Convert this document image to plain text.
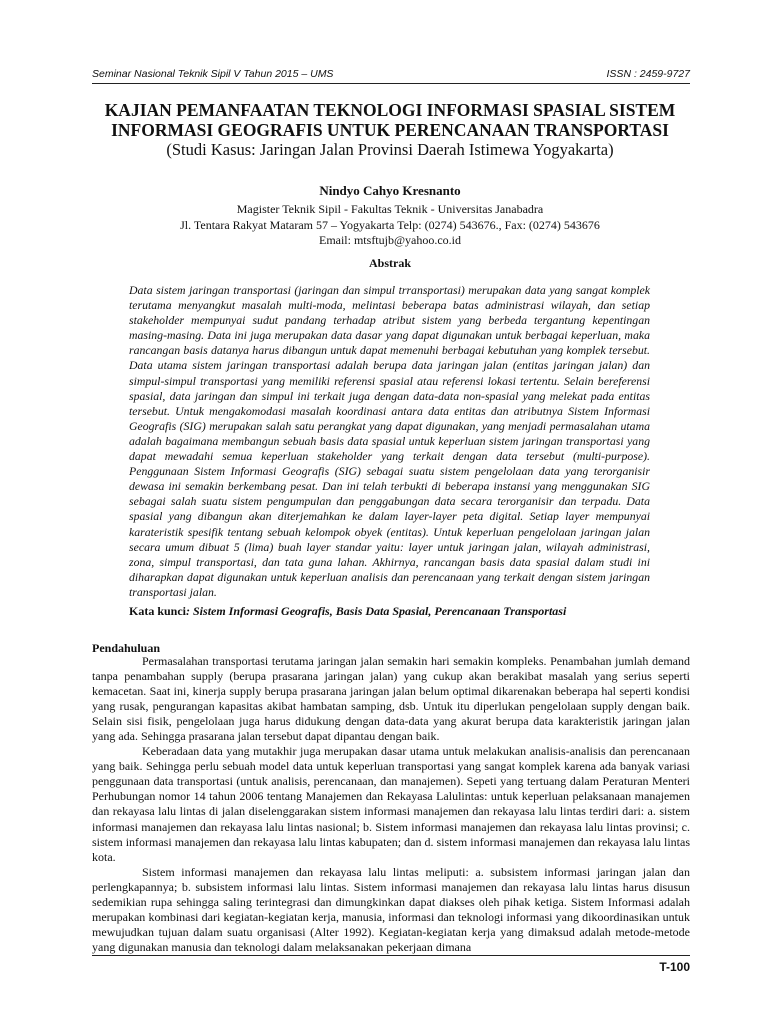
Seminar Nasional Teknik Sipil V Tahun 2015 – UMS	ISSN : 2459-9727

KAJIAN PEMANFAATAN TEKNOLOGI INFORMASI SPASIAL SISTEM

INFORMASI GEOGRAFIS UNTUK PERENCANAAN TRANSPORTASI

(Studi Kasus: Jaringan Jalan Provinsi Daerah Istimewa Yogyakarta)

Nindyo Cahyo Kresnanto

Magister Teknik Sipil - Fakultas Teknik - Universitas Janabadra

Jl. Tentara Rakyat Mataram 57 – Yogyakarta Telp: (0274) 543676., Fax: (0274) 543676

Email: mtsftujb@yahoo.co.id

Abstrak

Data sistem jaringan transportasi (jaringan dan simpul trransportasi) merupakan data yang sangat komplek terutama menyangkut masalah multi-moda, melintasi beberapa batas administrasi wilayah, dan setiap stakeholder mempunyai sudut pandang terhadap atribut sistem yang berbeda tergantung kepentingan masing-masing. Data ini juga merupakan data dasar yang dapat digunakan untuk berbagai keperluan, maka rancangan basis datanya harus dibangun untuk dapat memenuhi berbagai kebutuhan yang komplek tersebut. Data utama sistem jaringan transportasi adalah berupa data jaringan jalan (entitas jaringan jalan) dan simpul-simpul transportasi yang memiliki referensi spasial atau referensi lokasi tertentu. Selain bereferensi spasial, data jaringan dan simpul ini terkait juga dengan data-data non-spasial yang melekat pada entitas tersebut. Untuk mengakomodasi masalah koordinasi antara data entitas dan atributnya Sistem Informasi Geografis (SIG) merupakan salah satu perangkat yang dapat digunakan, yang menjadi permasalahan utama adalah bagaimana membangun sebuah basis data spasial untuk keperluan sistem jaringan transportasi yang dapat mewadahi semua keperluan stakeholder yang terkait dengan data tersebut (multi-purpose). Penggunaan Sistem Informasi Geografis (SIG) sebagai suatu sistem pengelolaan data yang terorganisir dewasa ini semakin berkembang pesat. Dan ini telah terbukti di beberapa instansi yang menggunakan SIG sebagai salah suatu sistem pengumpulan dan penggabungan data secara terorganisir dan terpadu. Data spasial yang dibangun akan diterjemahkan ke dalam layer-layer peta digital. Setiap layer mempunyai karateristik spesifik tentang sebuah kelompok obyek (entitas). Untuk keperluan pengelolaan jaringan jalan secara umum dibuat 5 (lima) buah layer standar yaitu: layer untuk jaringan jalan, wilayah administrasi, zona, simpul transportasi, dan tata guna lahan. Akhirnya, rancangan basis data spasial dalam studi ini diharapkan dapat digunakan untuk keperluan analisis dan perencanaan yang terkait dengan sistem jaringan transportasi jalan.

Kata kunci: Sistem Informasi Geografis, Basis Data Spasial, Perencanaan Transportasi

Pendahuluan

Permasalahan transportasi terutama jaringan jalan semakin hari semakin kompleks. Penambahan jumlah demand tanpa penambahan supply (berupa prasarana jaringan jalan) yang cukup akan berakibat masalah yang serius seperti kemacetan. Saat ini, kinerja supply berupa prasarana jaringan jalan belum optimal dikarenakan beberapa hal seperti kondisi yang rusak, pengurangan kapasitas akibat hambatan samping, dsb. Untuk itu diperlukan pengelolaan supply dengan baik. Selain sisi fisik, pengelolaan juga harus didukung dengan data-data yang akurat berupa data karakteristik jaringan jalan yang ada. Sehingga prasarana jalan tersebut dapat dipantau dengan baik.

Keberadaan data yang mutakhir juga merupakan dasar utama untuk melakukan analisis-analisis dan perencanaan yang baik. Sehingga perlu sebuah model data untuk keperluan transportasi yang sangat komplek karena ada banyak variasi penggunaan data transportasi (untuk analisis, perencanaan, dan manajemen). Sepeti yang tertuang dalam Peraturan Menteri Perhubungan nomor 14 tahun 2006 tentang Manajemen dan Rekayasa Lalulintas: untuk keperluan pelaksanaan manajemen dan rekayasa lalu lintas di jalan diselenggarakan sistem informasi manajemen dan rekayasa lalu lintas terdiri dari: a. sistem informasi manajemen dan rekayasa lalu lintas nasional; b. Sistem informasi manajemen dan rekayasa lalu lintas provinsi; c. sistem informasi manajemen dan rekayasa lalu lintas kabupaten; dan d. sistem informasi manajemen dan rekayasa lalu lintas kota.

Sistem informasi manajemen dan rekayasa lalu lintas meliputi: a. subsistem informasi jaringan jalan dan perlengkapannya; b. subsistem informasi lalu lintas. Sistem informasi manajemen dan rekayasa lalu lintas harus disusun sedemikian rupa sehingga saling terintegrasi dan dimungkinkan dapat diakses oleh pihak ketiga. Sistem Informasi adalah merupakan kombinasi dari kegiatan-kegiatan kerja, manusia, informasi dan teknologi informasi yang dikoordinasikan untuk mewujudkan tujuan dalam suatu organisasi (Alter 1992). Kegiatan-kegiatan kerja yang dimaksud adalah metode-metode yang digunakan manusia dan teknologi dalam melaksanakan pekerjaan dimana

T-100
